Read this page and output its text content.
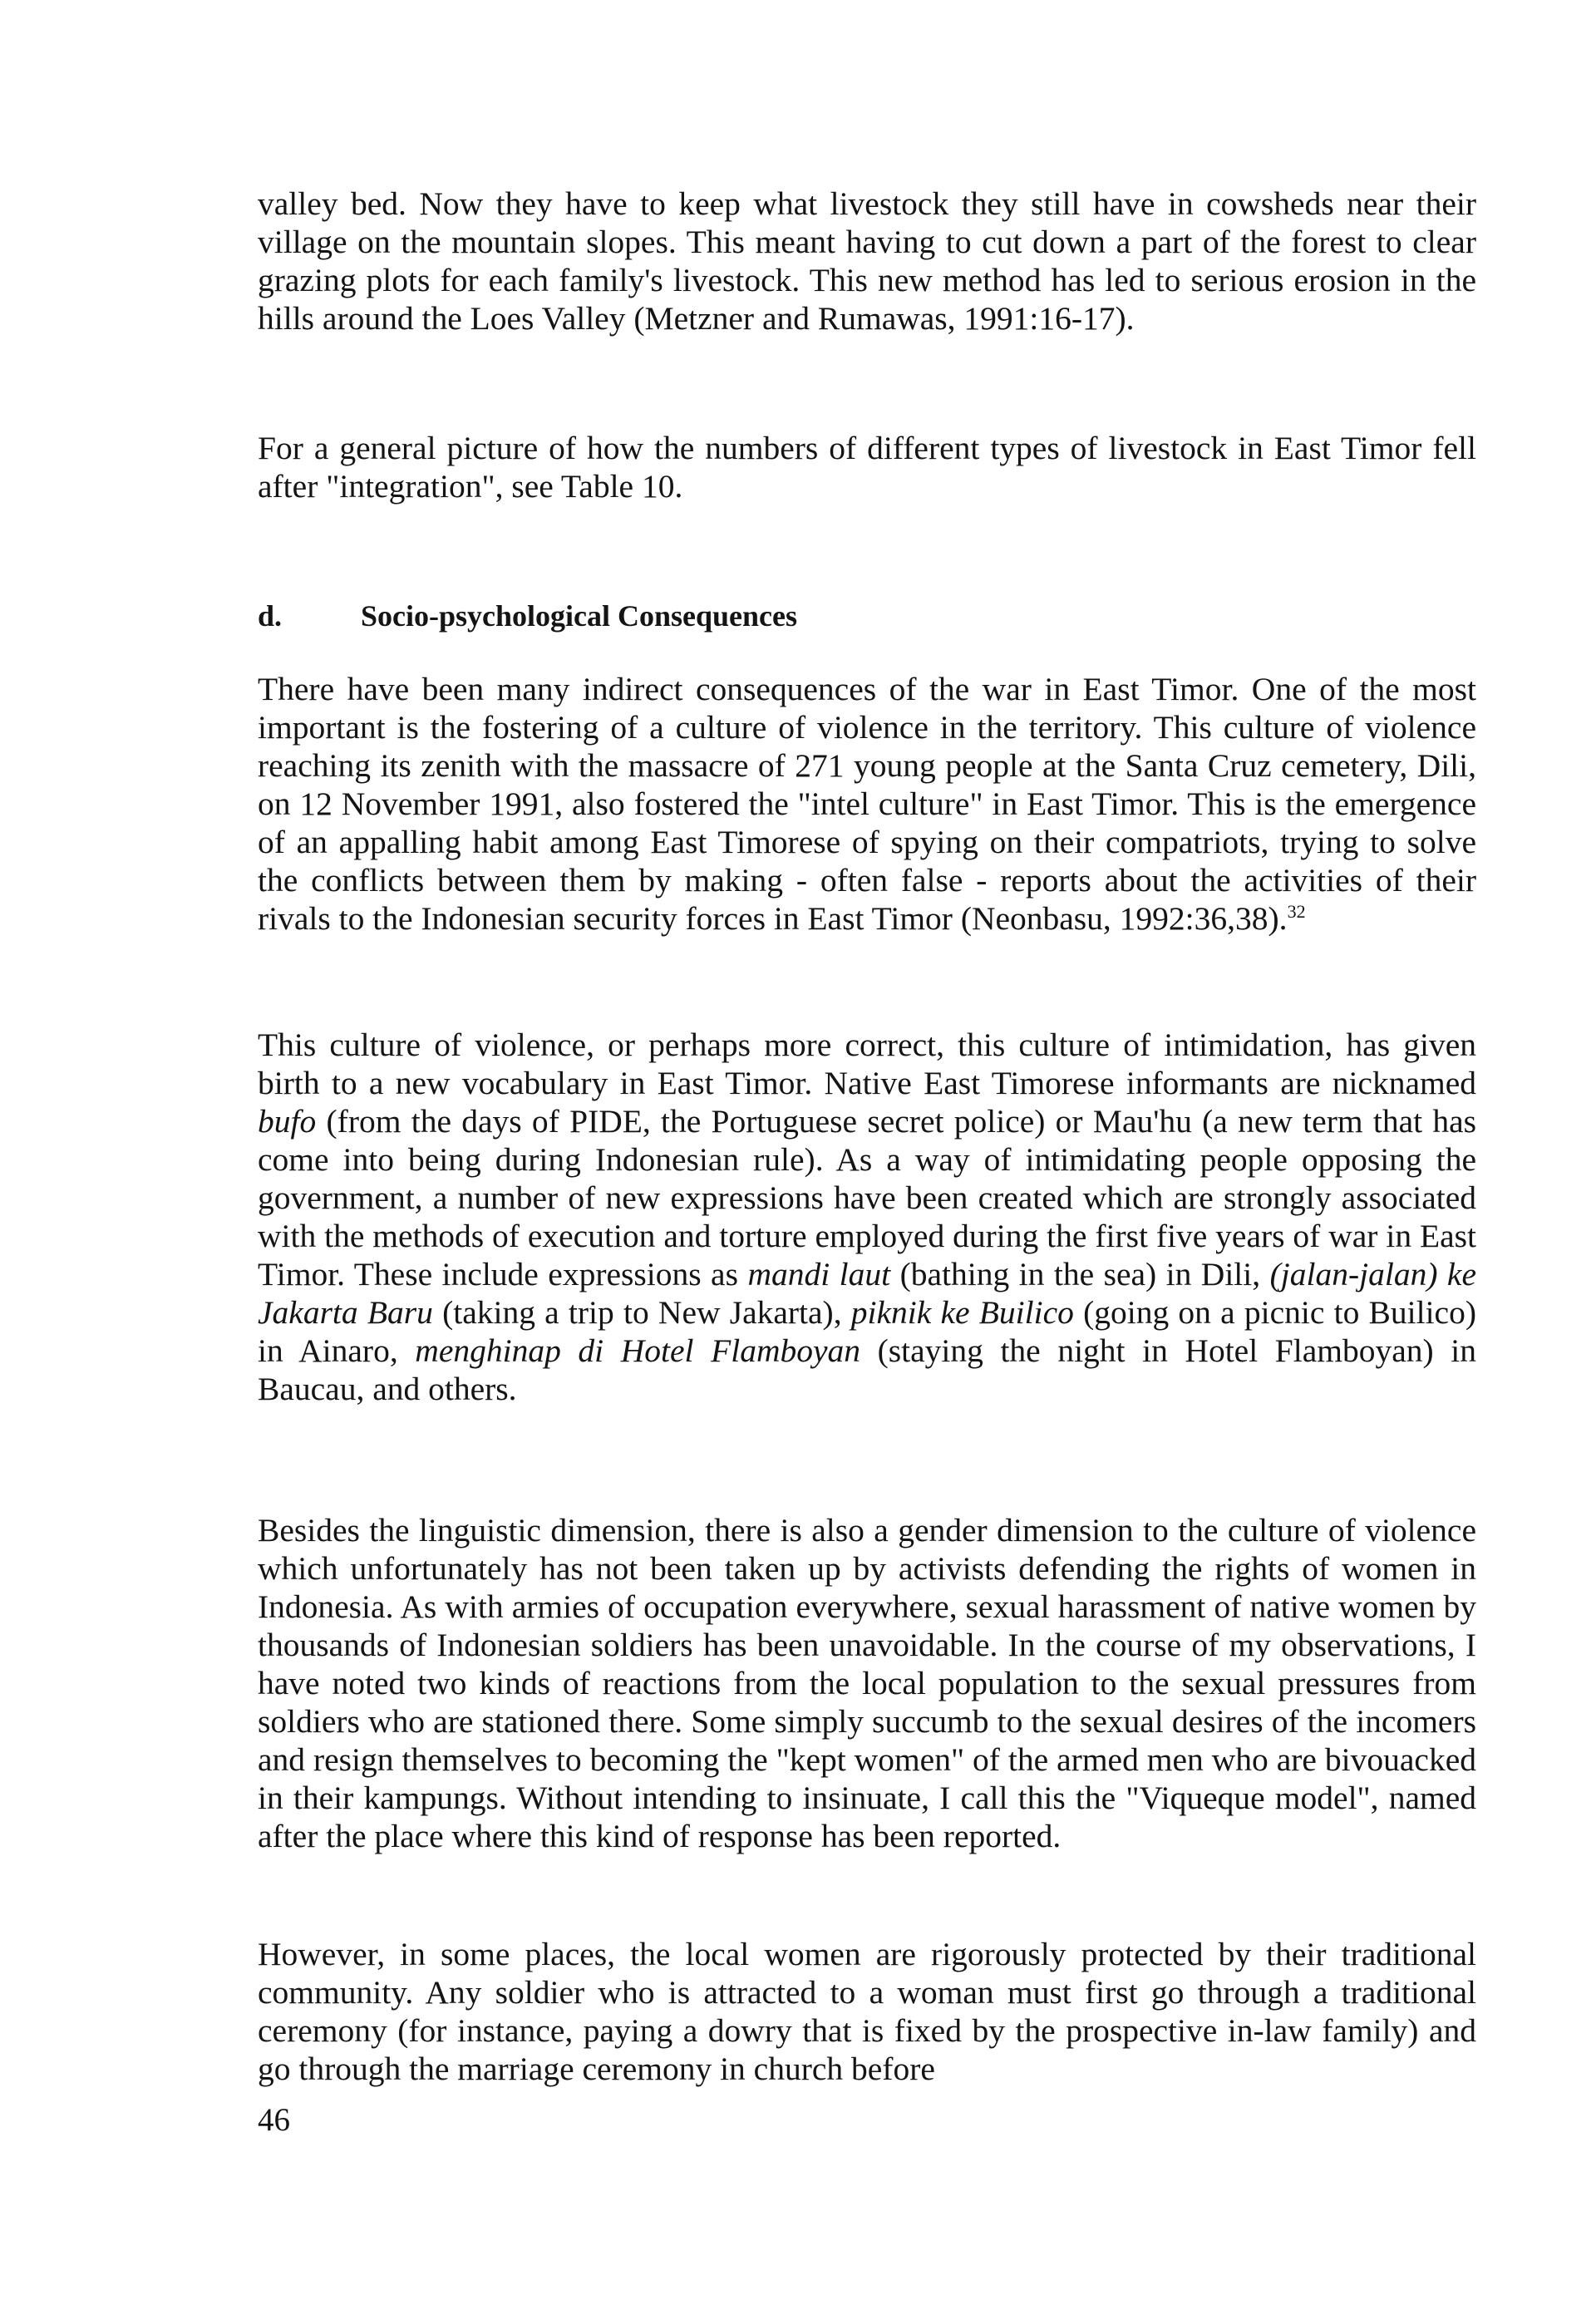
valley bed. Now they have to keep what livestock they still have in cowsheds near their village on the mountain slopes. This meant having to cut down a part of the forest to clear grazing plots for each family's livestock. This new method has led to serious erosion in the hills around the Loes Valley (Metzner and Rumawas, 1991:16-17).

For a general picture of how the numbers of different types of livestock in East Timor fell after "integration", see Table 10.

d.	Socio-psychological Consequences

There have been many indirect consequences of the war in East Timor. One of the most important is the fostering of a culture of violence in the territory. This culture of violence reaching its zenith with the massacre of 271 young people at the Santa Cruz cemetery, Dili, on 12 November 1991, also fostered the "intel culture" in East Timor. This is the emergence of an appalling habit among East Timorese of spying on their compatriots, trying to solve the conflicts between them by making - often false - reports about the activities of their rivals to the Indonesian security forces in East Timor (Neonbasu, 1992:36,38).$^{32}$

This culture of violence, or perhaps more correct, this culture of intimidation, has given birth to a new vocabulary in East Timor. Native East Timorese informants are nicknamed bufo (from the days of PIDE, the Portuguese secret police) or Mau'hu (a new term that has come into being during Indonesian rule). As a way of intimidating people opposing the government, a number of new expressions have been created which are strongly associated with the methods of execution and torture employed during the first five years of war in East Timor. These include expressions as mandi laut (bathing in the sea) in Dili, (jalan-jalan) ke Jakarta Baru (taking a trip to New Jakarta), piknik ke Builico (going on a picnic to Builico) in Ainaro, menghinap di Hotel Flamboyan (staying the night in Hotel Flamboyan) in Baucau, and others.

Besides the linguistic dimension, there is also a gender dimension to the culture of violence which unfortunately has not been taken up by activists defending the rights of women in Indonesia. As with armies of occupation everywhere, sexual harassment of native women by thousands of Indonesian soldiers has been unavoidable. In the course of my observations, I have noted two kinds of reactions from the local population to the sexual pressures from soldiers who are stationed there. Some simply succumb to the sexual desires of the incomers and resign themselves to becoming the "kept women" of the armed men who are bivouacked in their kampungs. Without intending to insinuate, I call this the "Viqueque model", named after the place where this kind of response has been reported.

However, in some places, the local women are rigorously protected by their traditional community. Any soldier who is attracted to a woman must first go through a traditional ceremony (for instance, paying a dowry that is fixed by the prospective in-law family) and go through the marriage ceremony in church before

46
